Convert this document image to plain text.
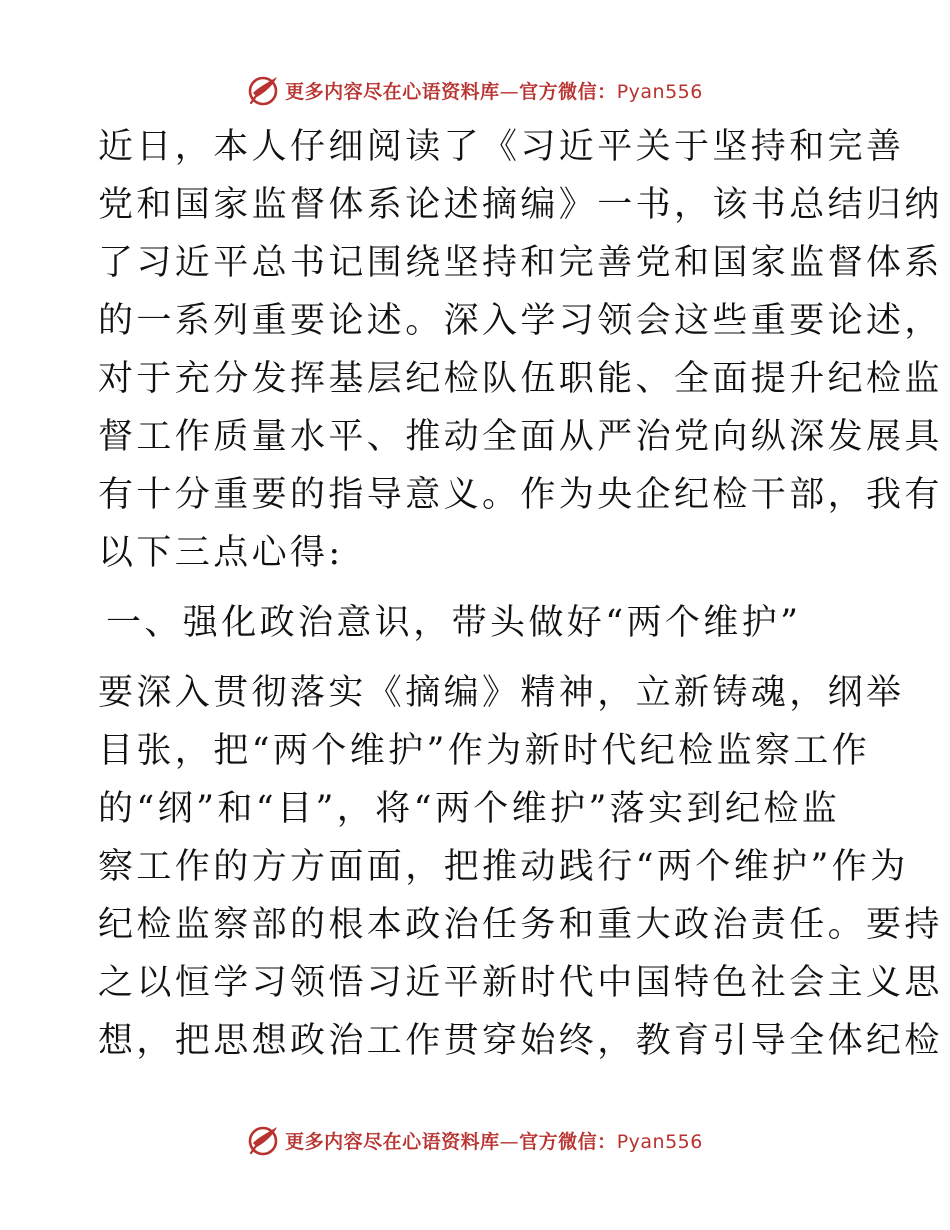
更多内容尽在心语资料库—官方微信：Pyan556
近日，本人仔细阅读了《习近平关于坚持和完善
党和国家监督体系论述摘编》一书，该书总结归纳
了习近平总书记围绕坚持和完善党和国家监督体系
的一系列重要论述。深入学习领会这些重要论述，
对于充分发挥基层纪检队伍职能、全面提升纪检监
督工作质量水平、推动全面从严治党向纵深发展具
有十分重要的指导意义。作为央企纪检干部，我有
以下三点心得:
一、强化政治意识，带头做好“两个维护”
要深入贯彻落实《摘编》精神，立新铸魂，纲举
目张，把“两个维护”作为新时代纪检监察工作
的“纲”和“目”，将“两个维护”落实到纪检监
察工作的方方面面，把推动践行“两个维护”作为
纪检监察部的根本政治任务和重大政治责任。要持
之以恒学习领悟习近平新时代中国特色社会主义思
想，把思想政治工作贯穿始终，教育引导全体纪检
更多内容尽在心语资料库—官方微信：Pyan556
